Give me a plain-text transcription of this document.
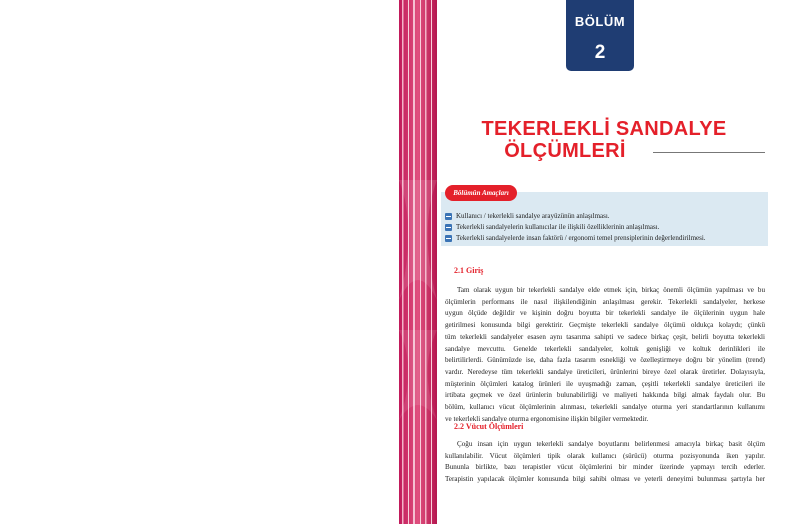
BÖLÜM
2
TEKERLEKLİ SANDALYE
ÖLÇÜMLERİ
Bölümün Amaçları
Kullanıcı / tekerlekli sandalye arayüzünün anlaşılması.
Tekerlekli sandalyelerin kullanıcılar ile ilişkili özelliklerinin anlaşılması.
Tekerlekli sandalyelerde insan faktörü / ergonomi temel prensiplerinin değerlendirilmesi.
2.1 Giriş
Tam olarak uygun bir tekerlekli sandalye elde etmek için, birkaç önemli ölçümün yapılması ve bu
ölçümlerin performans ile nasıl ilişkilendiğinin anlaşılması gerekir. Tekerlekli sandalyeler, herkese
uygun ölçüde değildir ve kişinin doğru boyutta bir tekerlekli sandalye ile ölçülerinin uygun hale
getirilmesi konusunda bilgi gerektirir. Geçmişte tekerlekli sandalye ölçümü oldukça kolaydı; çünkü
tüm tekerlekli sandalyeler esasen aynı tasarıma sahipti ve sadece birkaç çeşit, belirli boyutta tekerlekli
sandalye mevcuttu. Genelde tekerlekli sandalyeler, koltuk genişliği ve koltuk derinlikleri ile
belirtilirlerdi. Günümüzde ise, daha fazla tasarım esnekliği ve özelleştirmeye doğru bir yönelim (trend)
vardır. Neredeyse tüm tekerlekli sandalye üreticileri, ürünlerini bireye özel olarak üretirler. Dolayısıyla,
müşterinin ölçümleri katalog ürünleri ile uyuşmadığı zaman, çeşitli tekerlekli sandalye üreticileri ile
irtibata geçmek ve özel ürünlerin bulunabilirliği ve maliyeti hakkında bilgi almak faydalı olur. Bu
bölüm, kullanıcı vücut ölçümlerinin alınması, tekerlekli sandalye oturma yeri standartlarının kullanımı
ve tekerlekli sandalye oturma ergonomisine ilişkin bilgiler vermektedir.
2.2 Vücut Ölçümleri
Çoğu insan için uygun tekerlekli sandalye boyutlarını belirlenmesi amacıyla birkaç basit ölçüm
kullanılabilir. Vücut ölçümleri tipik olarak kullanıcı (sürücü) oturma pozisyonunda iken yapılır.
Bununla birlikte, bazı terapistler vücut ölçümlerini bir minder üzerinde yapmayı tercih ederler.
Terapistin yapılacak ölçümler konusunda bilgi sahibi olması ve yeterli deneyimi bulunması şartıyla her
